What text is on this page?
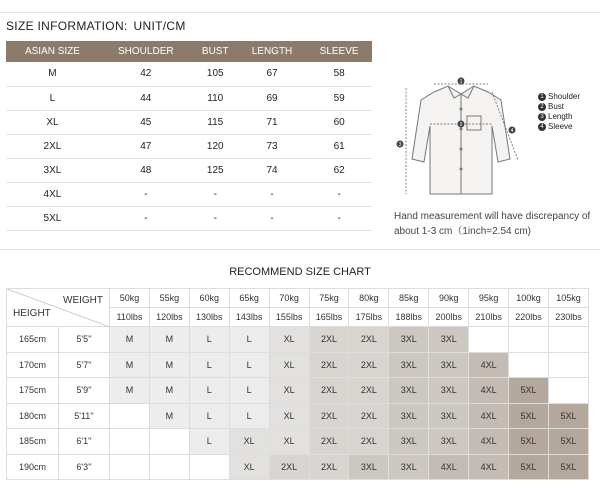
SIZE INFORMATION: UNIT/CM
ASIAN SIZE	SHOULDER	BUST	LENGTH	SLEEVE
M	42	105	67	58
L	44	110	69	59
XL	45	115	71	60
2XL	47	120	73	61
3XL	48	125	74	62
4XL	-	-	-	-
5XL	-	-	-	-
1
2
3
4
1 Shoulder
2 Bust
3 Length
4 Sleeve
Hand measurement will have discrepancy of about 1-3 cm（1inch=2.54 cm)
RECOMMEND SIZE CHART
WEIGHT
HEIGHT		50kg	55kg	60kg	65kg	70kg	75kg	80kg	85kg	90kg	95kg	100kg	105kg
		110lbs	120lbs	130lbs	143lbs	155lbs	165lbs	175lbs	188lbs	200lbs	210lbs	220lbs	230lbs
165cm	5'5''	M	M	L	L	XL	2XL	2XL	3XL	3XL			
170cm	5'7''	M	M	L	L	XL	2XL	2XL	3XL	3XL	4XL		
175cm	5'9''	M	M	L	L	XL	2XL	2XL	3XL	3XL	4XL	5XL	
180cm	5'11''		M	L	L	XL	2XL	2XL	3XL	3XL	4XL	5XL	5XL
185cm	6'1''			L	XL	XL	2XL	2XL	3XL	3XL	4XL	5XL	5XL
190cm	6'3''				XL	2XL	2XL	3XL	3XL	4XL	4XL	5XL	5XL
